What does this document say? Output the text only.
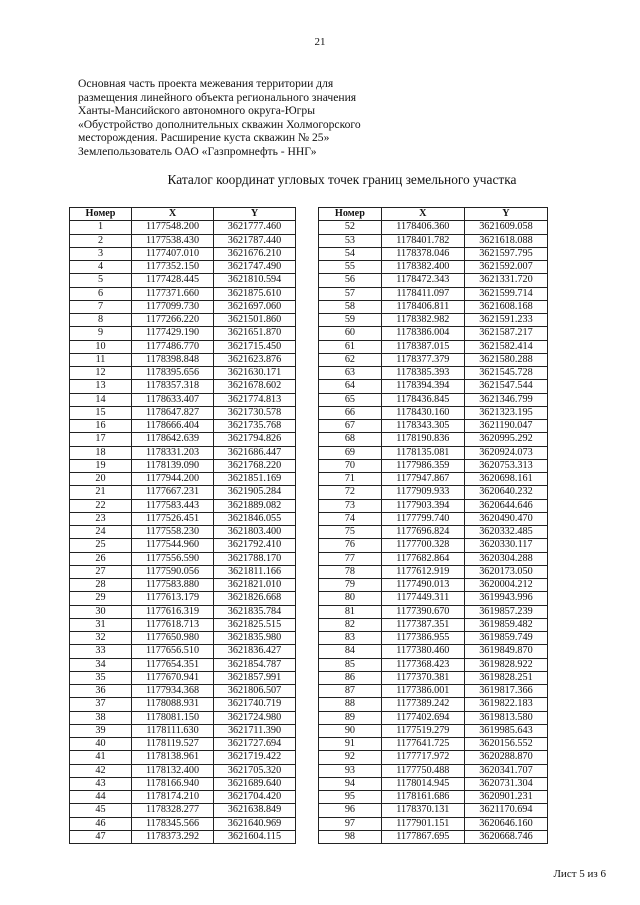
21
Основная часть проекта межевания территории для
размещения линейного объекта регионального значения
Ханты-Мансийского автономного округа-Югры
«Обустройство дополнительных скважин Холмогорского
месторождения. Расширение куста скважин № 25»
Землепользователь ОАО «Газпромнефть - ННГ»
Каталог координат угловых точек границ земельного участка
Номер	X	Y
1	1177548.200	3621777.460
2	1177538.430	3621787.440
3	1177407.010	3621676.210
4	1177352.150	3621747.490
5	1177428.445	3621810.594
6	1177371.660	3621875.610
7	1177099.730	3621697.060
8	1177266.220	3621501.860
9	1177429.190	3621651.870
10	1177486.770	3621715.450
11	1178398.848	3621623.876
12	1178395.656	3621630.171
13	1178357.318	3621678.602
14	1178633.407	3621774.813
15	1178647.827	3621730.578
16	1178666.404	3621735.768
17	1178642.639	3621794.826
18	1178331.203	3621686.447
19	1178139.090	3621768.220
20	1177944.200	3621851.169
21	1177667.231	3621905.284
22	1177583.443	3621889.082
23	1177526.451	3621846.055
24	1177558.230	3621803.400
25	1177544.960	3621792.410
26	1177556.590	3621788.170
27	1177590.056	3621811.166
28	1177583.880	3621821.010
29	1177613.179	3621826.668
30	1177616.319	3621835.784
31	1177618.713	3621825.515
32	1177650.980	3621835.980
33	1177656.510	3621836.427
34	1177654.351	3621854.787
35	1177670.941	3621857.991
36	1177934.368	3621806.507
37	1178088.931	3621740.719
38	1178081.150	3621724.980
39	1178111.630	3621711.390
40	1178119.527	3621727.694
41	1178138.961	3621719.422
42	1178132.400	3621705.320
43	1178166.940	3621689.640
44	1178174.210	3621704.420
45	1178328.277	3621638.849
46	1178345.566	3621640.969
47	1178373.292	3621604.115
Номер	X	Y
52	1178406.360	3621609.058
53	1178401.782	3621618.088
54	1178378.046	3621597.795
55	1178382.400	3621592.007
56	1178472.343	3621331.720
57	1178411.097	3621599.714
58	1178406.811	3621608.168
59	1178382.982	3621591.233
60	1178386.004	3621587.217
61	1178387.015	3621582.414
62	1178377.379	3621580.288
63	1178385.393	3621545.728
64	1178394.394	3621547.544
65	1178436.845	3621346.799
66	1178430.160	3621323.195
67	1178343.305	3621190.047
68	1178190.836	3620995.292
69	1178135.081	3620924.073
70	1177986.359	3620753.313
71	1177947.867	3620698.161
72	1177909.933	3620640.232
73	1177903.394	3620644.646
74	1177799.740	3620490.470
75	1177696.824	3620332.485
76	1177700.328	3620330.117
77	1177682.864	3620304.288
78	1177612.919	3620173.050
79	1177490.013	3620004.212
80	1177449.311	3619943.996
81	1177390.670	3619857.239
82	1177387.351	3619859.482
83	1177386.955	3619859.749
84	1177380.460	3619849.870
85	1177368.423	3619828.922
86	1177370.381	3619828.251
87	1177386.001	3619817.366
88	1177389.242	3619822.183
89	1177402.694	3619813.580
90	1177519.279	3619985.643
91	1177641.725	3620156.552
92	1177717.972	3620288.870
93	1177750.488	3620341.707
94	1178014.945	3620731.304
95	1178161.686	3620901.231
96	1178370.131	3621170.694
97	1177901.151	3620646.160
98	1177867.695	3620668.746
Лист 5 из 6
